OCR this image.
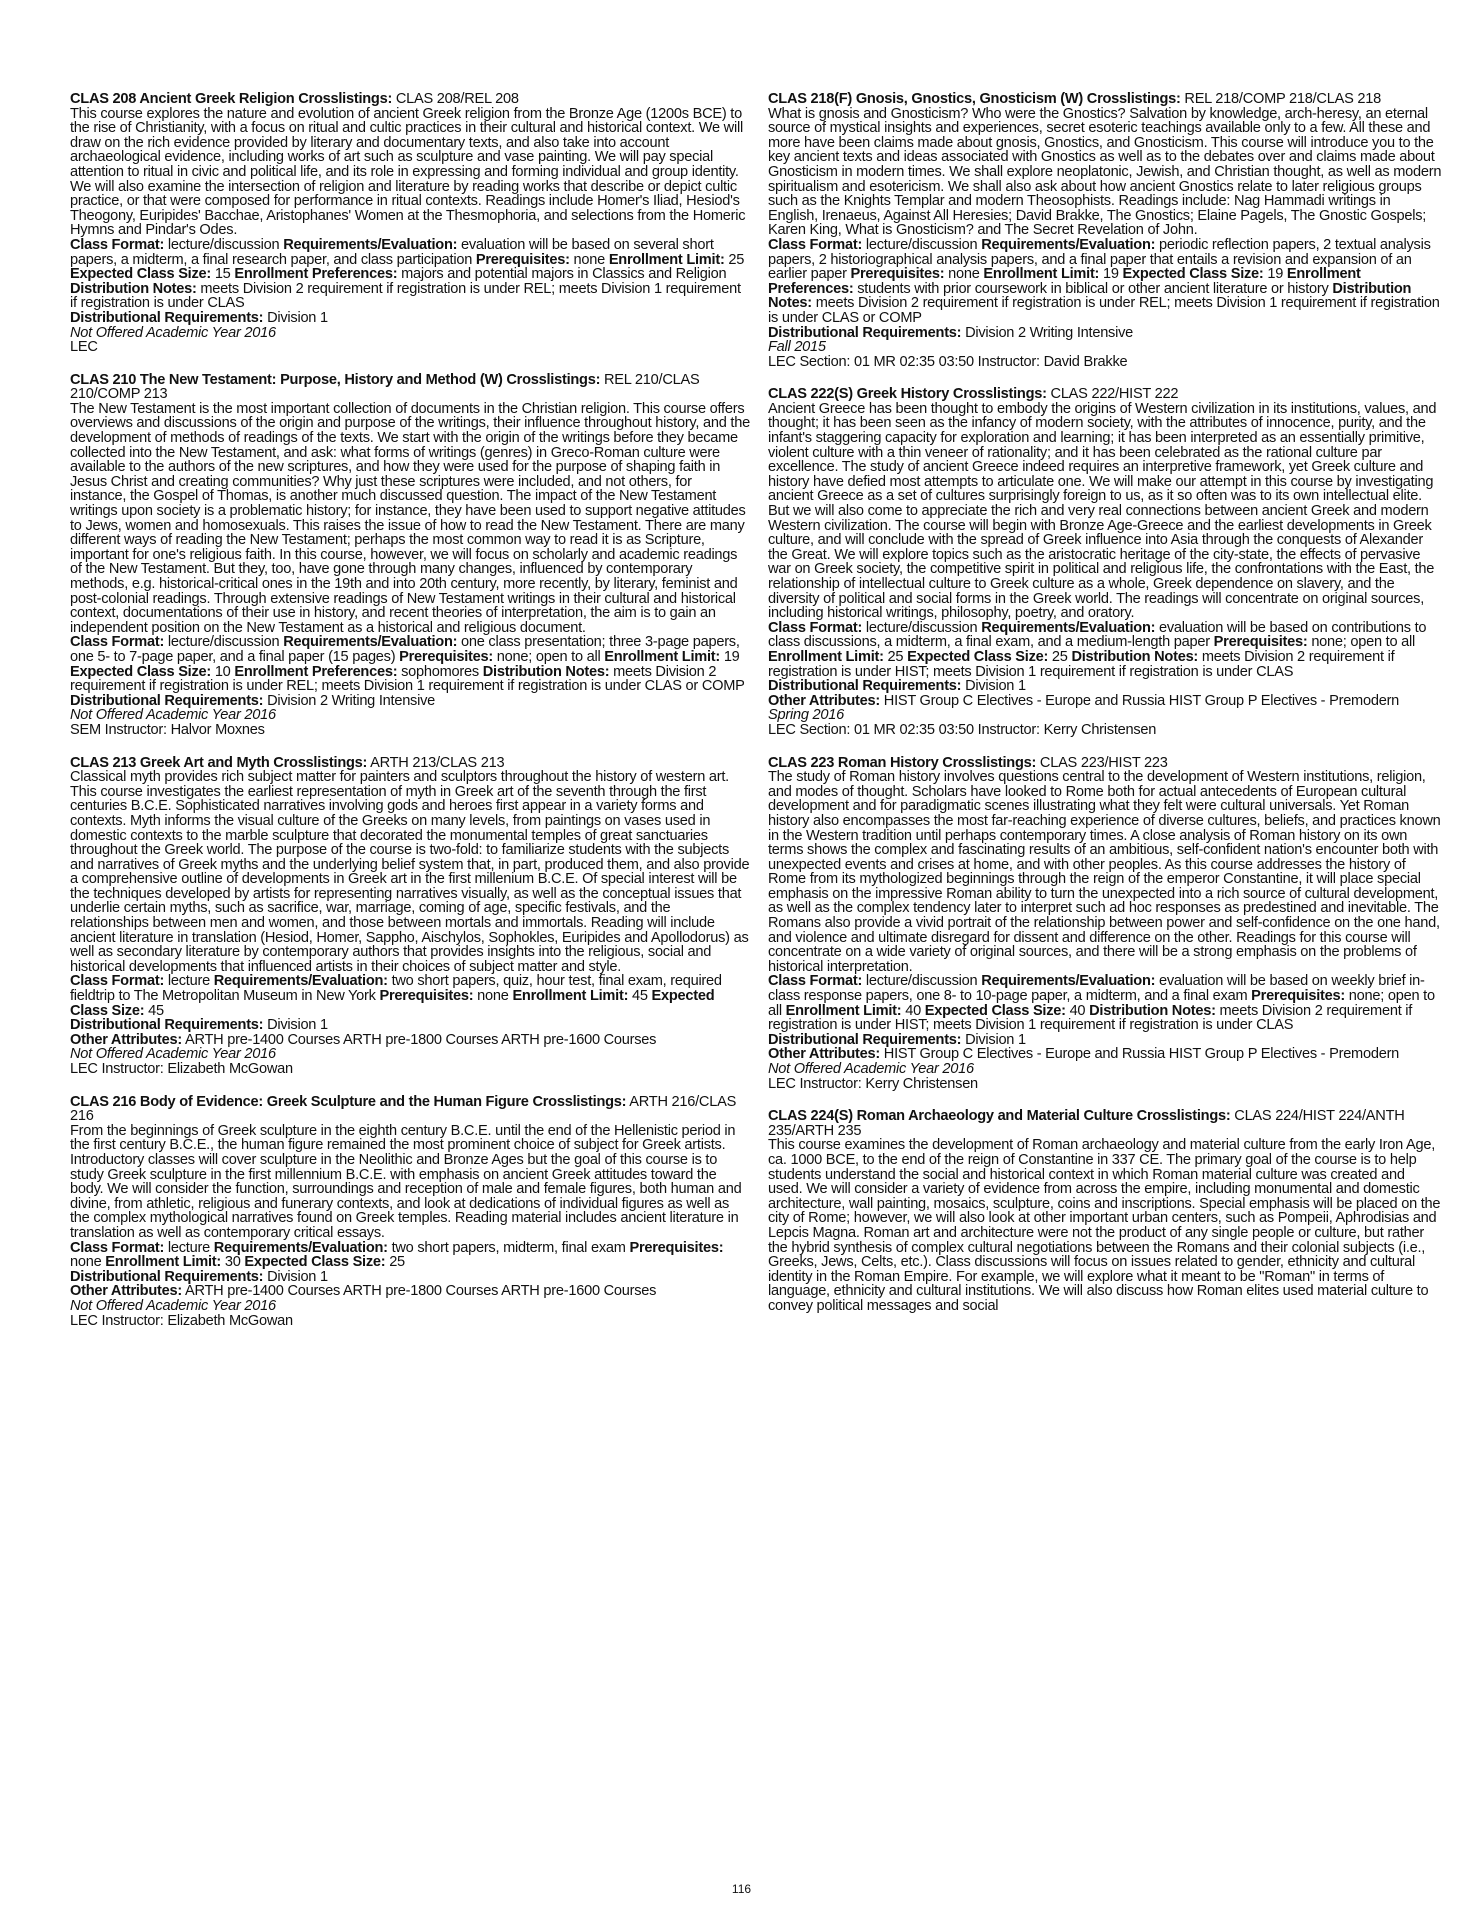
CLAS 208 Ancient Greek Religion Crosslistings: CLAS 208/REL 208

This course explores the nature and evolution of ancient Greek religion from the Bronze Age (1200s BCE) to the rise of Christianity, with a focus on ritual and cultic practices in their cultural and historical context. We will draw on the rich evidence provided by literary and documentary texts, and also take into account archaeological evidence, including works of art such as sculpture and vase painting. We will pay special attention to ritual in civic and political life, and its role in expressing and forming individual and group identity. We will also examine the intersection of religion and literature by reading works that describe or depict cultic practice, or that were composed for performance in ritual contexts. Readings include Homer's Iliad, Hesiod's Theogony, Euripides' Bacchae, Aristophanes' Women at the Thesmophoria, and selections from the Homeric Hymns and Pindar's Odes.

Class Format: lecture/discussion Requirements/Evaluation: evaluation will be based on several short papers, a midterm, a final research paper, and class participation Prerequisites: none Enrollment Limit: 25 Expected Class Size: 15 Enrollment Preferences: majors and potential majors in Classics and Religion Distribution Notes: meets Division 2 requirement if registration is under REL; meets Division 1 requirement if registration is under CLAS

Distributional Requirements: Division 1

Not Offered Academic Year 2016

LEC

CLAS 210 The New Testament: Purpose, History and Method (W) Crosslistings: REL 210/CLAS 210/COMP 213

The New Testament is the most important collection of documents in the Christian religion. This course offers overviews and discussions of the origin and purpose of the writings, their influence throughout history, and the development of methods of readings of the texts. We start with the origin of the writings before they became collected into the New Testament, and ask: what forms of writings (genres) in Greco-Roman culture were available to the authors of the new scriptures, and how they were used for the purpose of shaping faith in Jesus Christ and creating communities? Why just these scriptures were included, and not others, for instance, the Gospel of Thomas, is another much discussed question. The impact of the New Testament writings upon society is a problematic history; for instance, they have been used to support negative attitudes to Jews, women and homosexuals. This raises the issue of how to read the New Testament. There are many different ways of reading the New Testament; perhaps the most common way to read it is as Scripture, important for one's religious faith. In this course, however, we will focus on scholarly and academic readings of the New Testament. But they, too, have gone through many changes, influenced by contemporary methods, e.g. historical-critical ones in the 19th and into 20th century, more recently, by literary, feminist and post-colonial readings. Through extensive readings of New Testament writings in their cultural and historical context, documentations of their use in history, and recent theories of interpretation, the aim is to gain an independent position on the New Testament as a historical and religious document.

Class Format: lecture/discussion Requirements/Evaluation: one class presentation; three 3-page papers, one 5- to 7-page paper, and a final paper (15 pages) Prerequisites: none; open to all Enrollment Limit: 19 Expected Class Size: 10 Enrollment Preferences: sophomores Distribution Notes: meets Division 2 requirement if registration is under REL; meets Division 1 requirement if registration is under CLAS or COMP

Distributional Requirements: Division 2 Writing Intensive

Not Offered Academic Year 2016

SEM Instructor: Halvor Moxnes

CLAS 213 Greek Art and Myth Crosslistings: ARTH 213/CLAS 213

Classical myth provides rich subject matter for painters and sculptors throughout the history of western art. This course investigates the earliest representation of myth in Greek art of the seventh through the first centuries B.C.E. Sophisticated narratives involving gods and heroes first appear in a variety forms and contexts. Myth informs the visual culture of the Greeks on many levels, from paintings on vases used in domestic contexts to the marble sculpture that decorated the monumental temples of great sanctuaries throughout the Greek world. The purpose of the course is two-fold: to familiarize students with the subjects and narratives of Greek myths and the underlying belief system that, in part, produced them, and also provide a comprehensive outline of developments in Greek art in the first millenium B.C.E. Of special interest will be the techniques developed by artists for representing narratives visually, as well as the conceptual issues that underlie certain myths, such as sacrifice, war, marriage, coming of age, specific festivals, and the relationships between men and women, and those between mortals and immortals. Reading will include ancient literature in translation (Hesiod, Homer, Sappho, Aischylos, Sophokles, Euripides and Apollodorus) as well as secondary literature by contemporary authors that provides insights into the religious, social and historical developments that influenced artists in their choices of subject matter and style.

Class Format: lecture Requirements/Evaluation: two short papers, quiz, hour test, final exam, required fieldtrip to The Metropolitan Museum in New York Prerequisites: none Enrollment Limit: 45 Expected Class Size: 45

Distributional Requirements: Division 1

Other Attributes: ARTH pre-1400 Courses ARTH pre-1800 Courses ARTH pre-1600 Courses

Not Offered Academic Year 2016

LEC Instructor: Elizabeth McGowan

CLAS 216 Body of Evidence: Greek Sculpture and the Human Figure Crosslistings: ARTH 216/CLAS 216

From the beginnings of Greek sculpture in the eighth century B.C.E. until the end of the Hellenistic period in the first century B.C.E., the human figure remained the most prominent choice of subject for Greek artists. Introductory classes will cover sculpture in the Neolithic and Bronze Ages but the goal of this course is to study Greek sculpture in the first millennium B.C.E. with emphasis on ancient Greek attitudes toward the body. We will consider the function, surroundings and reception of male and female figures, both human and divine, from athletic, religious and funerary contexts, and look at dedications of individual figures as well as the complex mythological narratives found on Greek temples. Reading material includes ancient literature in translation as well as contemporary critical essays.

Class Format: lecture Requirements/Evaluation: two short papers, midterm, final exam Prerequisites: none Enrollment Limit: 30 Expected Class Size: 25

Distributional Requirements: Division 1

Other Attributes: ARTH pre-1400 Courses ARTH pre-1800 Courses ARTH pre-1600 Courses

Not Offered Academic Year 2016

LEC Instructor: Elizabeth McGowan

CLAS 218(F) Gnosis, Gnostics, Gnosticism (W) Crosslistings: REL 218/COMP 218/CLAS 218

What is gnosis and Gnosticism? Who were the Gnostics? Salvation by knowledge, arch-heresy, an eternal source of mystical insights and experiences, secret esoteric teachings available only to a few. All these and more have been claims made about gnosis, Gnostics, and Gnosticism. This course will introduce you to the key ancient texts and ideas associated with Gnostics as well as to the debates over and claims made about Gnosticism in modern times. We shall explore neoplatonic, Jewish, and Christian thought, as well as modern spiritualism and esotericism. We shall also ask about how ancient Gnostics relate to later religious groups such as the Knights Templar and modern Theosophists. Readings include: Nag Hammadi writings in English, Irenaeus, Against All Heresies; David Brakke, The Gnostics; Elaine Pagels, The Gnostic Gospels; Karen King, What is Gnosticism? and The Secret Revelation of John.

Class Format: lecture/discussion Requirements/Evaluation: periodic reflection papers, 2 textual analysis papers, 2 historiographical analysis papers, and a final paper that entails a revision and expansion of an earlier paper Prerequisites: none Enrollment Limit: 19 Expected Class Size: 19 Enrollment Preferences: students with prior coursework in biblical or other ancient literature or history Distribution Notes: meets Division 2 requirement if registration is under REL; meets Division 1 requirement if registration is under CLAS or COMP

Distributional Requirements: Division 2 Writing Intensive

Fall 2015

LEC Section: 01 MR 02:35 03:50 Instructor: David Brakke

CLAS 222(S) Greek History Crosslistings: CLAS 222/HIST 222

Ancient Greece has been thought to embody the origins of Western civilization in its institutions, values, and thought; it has been seen as the infancy of modern society, with the attributes of innocence, purity, and the infant's staggering capacity for exploration and learning; it has been interpreted as an essentially primitive, violent culture with a thin veneer of rationality; and it has been celebrated as the rational culture par excellence. The study of ancient Greece indeed requires an interpretive framework, yet Greek culture and history have defied most attempts to articulate one. We will make our attempt in this course by investigating ancient Greece as a set of cultures surprisingly foreign to us, as it so often was to its own intellectual elite. But we will also come to appreciate the rich and very real connections between ancient Greek and modern Western civilization. The course will begin with Bronze Age-Greece and the earliest developments in Greek culture, and will conclude with the spread of Greek influence into Asia through the conquests of Alexander the Great. We will explore topics such as the aristocratic heritage of the city-state, the effects of pervasive war on Greek society, the competitive spirit in political and religious life, the confrontations with the East, the relationship of intellectual culture to Greek culture as a whole, Greek dependence on slavery, and the diversity of political and social forms in the Greek world. The readings will concentrate on original sources, including historical writings, philosophy, poetry, and oratory.

Class Format: lecture/discussion Requirements/Evaluation: evaluation will be based on contributions to class discussions, a midterm, a final exam, and a medium-length paper Prerequisites: none; open to all Enrollment Limit: 25 Expected Class Size: 25 Distribution Notes: meets Division 2 requirement if registration is under HIST; meets Division 1 requirement if registration is under CLAS

Distributional Requirements: Division 1

Other Attributes: HIST Group C Electives - Europe and Russia HIST Group P Electives - Premodern

Spring 2016

LEC Section: 01 MR 02:35 03:50 Instructor: Kerry Christensen

CLAS 223 Roman History Crosslistings: CLAS 223/HIST 223

The study of Roman history involves questions central to the development of Western institutions, religion, and modes of thought. Scholars have looked to Rome both for actual antecedents of European cultural development and for paradigmatic scenes illustrating what they felt were cultural universals. Yet Roman history also encompasses the most far-reaching experience of diverse cultures, beliefs, and practices known in the Western tradition until perhaps contemporary times. A close analysis of Roman history on its own terms shows the complex and fascinating results of an ambitious, self-confident nation's encounter both with unexpected events and crises at home, and with other peoples. As this course addresses the history of Rome from its mythologized beginnings through the reign of the emperor Constantine, it will place special emphasis on the impressive Roman ability to turn the unexpected into a rich source of cultural development, as well as the complex tendency later to interpret such ad hoc responses as predestined and inevitable. The Romans also provide a vivid portrait of the relationship between power and self-confidence on the one hand, and violence and ultimate disregard for dissent and difference on the other. Readings for this course will concentrate on a wide variety of original sources, and there will be a strong emphasis on the problems of historical interpretation.

Class Format: lecture/discussion Requirements/Evaluation: evaluation will be based on weekly brief in-class response papers, one 8- to 10-page paper, a midterm, and a final exam Prerequisites: none; open to all Enrollment Limit: 40 Expected Class Size: 40 Distribution Notes: meets Division 2 requirement if registration is under HIST; meets Division 1 requirement if registration is under CLAS

Distributional Requirements: Division 1

Other Attributes: HIST Group C Electives - Europe and Russia HIST Group P Electives - Premodern

Not Offered Academic Year 2016

LEC Instructor: Kerry Christensen

CLAS 224(S) Roman Archaeology and Material Culture Crosslistings: CLAS 224/HIST 224/ANTH 235/ARTH 235

This course examines the development of Roman archaeology and material culture from the early Iron Age, ca. 1000 BCE, to the end of the reign of Constantine in 337 CE. The primary goal of the course is to help students understand the social and historical context in which Roman material culture was created and used. We will consider a variety of evidence from across the empire, including monumental and domestic architecture, wall painting, mosaics, sculpture, coins and inscriptions. Special emphasis will be placed on the city of Rome; however, we will also look at other important urban centers, such as Pompeii, Aphrodisias and Lepcis Magna. Roman art and architecture were not the product of any single people or culture, but rather the hybrid synthesis of complex cultural negotiations between the Romans and their colonial subjects (i.e., Greeks, Jews, Celts, etc.). Class discussions will focus on issues related to gender, ethnicity and cultural identity in the Roman Empire. For example, we will explore what it meant to be "Roman" in terms of language, ethnicity and cultural institutions. We will also discuss how Roman elites used material culture to convey political messages and social

116
